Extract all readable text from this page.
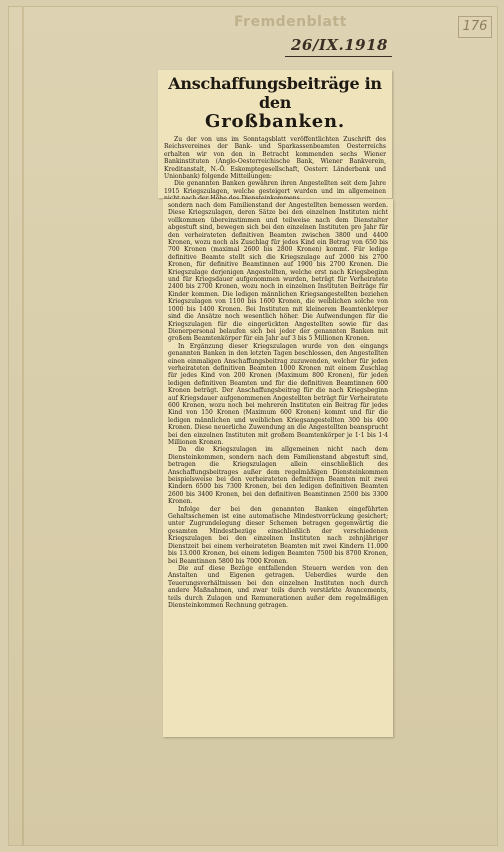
Fremdenblatt	176
26/IX.1918
Anschaffungsbeiträge in den
Großbanken.

Zu der von uns im Sonntagsblatt veröffentlichten Zuschrift des Reichsvereines der Bank- und Sparkassenbeamten Oesterreichs erhalten wir von den in Betracht kommenden sechs Wiener Bankinstituten (Anglo-Oesterreichische Bank, Wiener Bankverein, Kreditanstalt, N.-Ö. Eskomptegesellschaft, Oesterr. Länderbank und Unionbank) folgende Mitteilungen:

Die genannten Banken gewähren ihren Angestellten seit dem Jahre 1915 Kriegszulagen, welche gesteigert wurden und im allgemeinen

sondern nach dem Familienstand der Angestellten bemessen werden. Diese Kriegszulagen, deren Sätze bei den einzelnen Instituten nicht vollkommen übereinstimmen und teilweise nach dem Dienstalter abgestuft sind, bewegen sich bei den einzelnen Instituten pro Jahr für den verheirateten definitiven Beamten zwischen 3800 und 4400 Kronen, wozu noch als Zuschlag für jedes Kind ein Betrag von 650 bis 700 Kronen (maximal 2600 bis 2800 Kronen) kommt. Für ledige definitive Beamte stellt sich die Kriegszulage auf 2000 bis 2700 Kronen, für definitive Beamtinnen auf 1900 bis 2700 Kronen. Die Kriegszulage derjenigen Angestellten, welche erst nach Kriegsbeginn und für Kriegsdauer aufgenommen wurden, beträgt für Verheiratete 2400 bis 2700 Kronen, wozu noch in einzelnen Instituten Beiträge für Kinder kommen. Die ledigen männlichen Kriegsangestellten beziehen Kriegszulagen von 1100 bis 1600 Kronen, die weiblichen solche von 1000 bis 1400 Kronen. Bei Instituten mit kleinerem Beamtenkörper sind die Ansätze noch wesentlich höher. Die Aufwendungen für die Kriegszulagen für die eingerückten Angestellten sowie für das Dienerpersonal belaufen sich bei jeder der genannten Banken mit großem Beamtenkörper für ein Jahr auf 3 bis 5 Millionen Kronen.

In Ergänzung dieser Kriegszulagen wurde von den eingangs genannten Banken in den letzten Tagen beschlossen, den Angestellten einen einmaligen Anschaffungsbeitrag zuzuwenden, welcher für jeden verheirateten definitiven Beamten 1000 Kronen mit einem Zuschlag für jedes Kind von 200 Kronen (Maximum 800 Kronen), für jeden ledigen definitiven Beamten und für die definitiven Beamtinnen 600 Kronen beträgt. Der Anschaffungsbeitrag für die nach Kriegsbeginn auf Kriegsdauer aufgenommenen Angestellten beträgt für Verheiratete 600 Kronen, wozu noch bei mehreren Instituten ein Beitrag für jedes Kind von 150 Kronen (Maximum 600 Kronen) kommt und für die ledigen männlichen und weiblichen Kriegsangestellten 300 bis 400 Kronen. Diese neuerliche Zuwendung an die Angestellten beansprucht bei den einzelnen Instituten mit großem Beamtenkörper je 1·1 bis 1·4 Millionen Kronen.

Da die Kriegszulagen im allgemeinen nicht nach dem Diensteinkommen, sondern nach dem Familienstand abgestuft sind, betragen die Kriegszulagen allein einschließlich des Anschaffungsbeitrages außer dem regelmäßigen Diensteinkommen beispielsweise bei den verheirateten definitiven Beamten mit zwei Kindern 6500 bis 7300 Kronen, bei den ledigen definitiven Beamten 2600 bis 3400 Kronen, bei den definitiven Beamtinnen 2500 bis 3300 Kronen.

Infolge der bei den genannten Banken eingeführten Gehaltsschemen ist eine automatische Mindestvorrückung gesichert; unter Zugrundelegung dieser Schemen betragen gegenwärtig die gesamten Mindestbezüge einschließlich der verschiedenen Kriegszulagen bei den einzelnen Instituten nach zehnjähriger Dienstzeit bei einem verheirateten Beamten mit zwei Kindern 11.000 bis 13.000 Kronen, bei einem ledigen Beamten 7500 bis 8700 Kronen, bei Beamtinnen 5800 bis 7000 Kronen.

Die auf diese Bezüge entfallenden Steuern werden von den Anstalten und Eigenen getragen. Ueberdies wurde den Teuerungsverhältnissen bei den einzelnen Instituten noch durch andere Maßnahmen, und zwar teils durch verstärkte Avancements, teils durch Zulagen und Remunerationen außer dem regelmäßigen Diensteinkommen Rechnung getragen.
